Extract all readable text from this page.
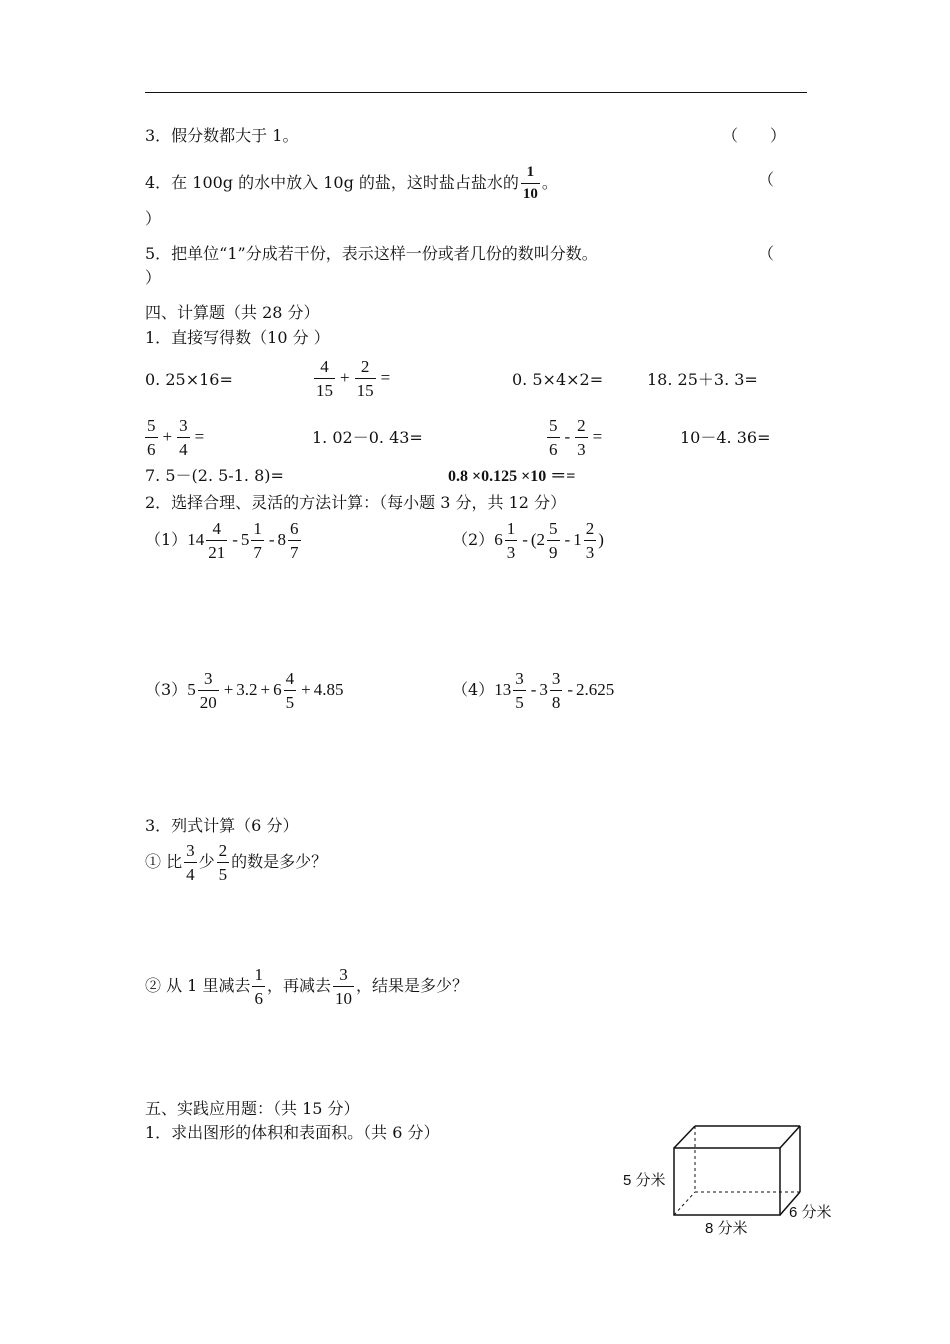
3．假分数都大于 1。	（　　）
4．在 100g 的水中放入 10g 的盐，这时盐占盐水的 $\frac{1}{10}$ 。	（
）
5．把单位“1”分成若干份，表示这样一份或者几份的数叫分数。	（
）
四、计算题（共 28 分）
1．直接写得数（10 分 ）
0. 25×16=	$\frac{4}{15} + \frac{2}{15}$ =	0. 5×4×2=	18. 25＋3. 3=
$\frac{5}{6} + \frac{3}{4}$ =	1. 02－0. 43=	$\frac{5}{6} - \frac{2}{3}$ =	10－4. 36=
7. 5－(2. 5-1. 8)=	0.8 ×0.125 ×10 ＝=
2．选择合理、灵活的方法计算：（每小题 3 分，共 12 分）
$(1)14 \frac{4}{21} - 5 \frac{1}{7} - 8 \frac{6}{7}$	$(2)6 \frac{1}{3} - (2 \frac{5}{9} - 1 \frac{2}{3}$ )
$(3)5 \frac{3}{20} + 3.2 + 6 \frac{4}{5} + 4.85$	$(4)13 \frac{3}{5} - 3 \frac{3}{8} - 2.625$
3．列式计算（6 分）
① 比 $\frac{3}{4}$ 少 $\frac{2}{5}$ 的数是多少？
② 从 1 里减去 $\frac{1}{6}$ ，再减去 $\frac{3}{10}$ ，结果是多少？
五、实践应用题：（共 15 分）
1．求出图形的体积和表面积。（共 6 分）
5 分米
8 分米
6 分米
